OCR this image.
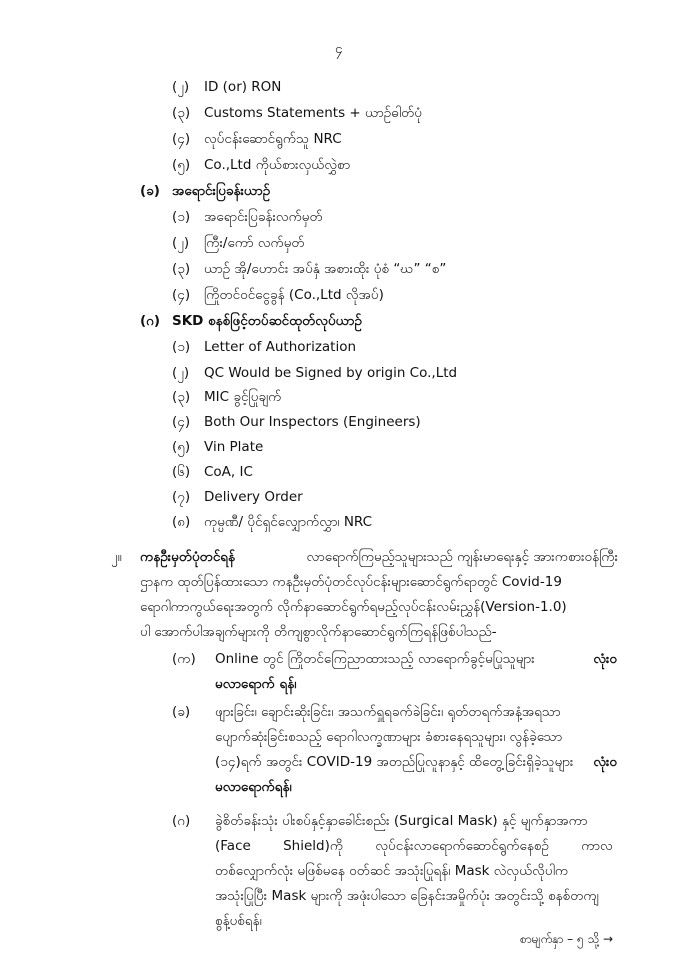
၄
(၂) ID (or) RON
(၃) Customs Statements + ယာဉ်ဓါတ်ပုံ
(၄) လုပ်ငန်းဆောင်ရွက်သူ NRC
(၅) Co.,Ltd ကိုယ်စားလှယ်လွှဲစာ
(ခ) အရောင်းပြခန်းယာဉ်
(၁) အရောင်းပြခန်းလက်မှတ်
(၂) ကြီး/ကော် လက်မှတ်
(၃) ယာဉ် အို/ဟောင်း အပ်နှံ အစားထိုး ပုံစံ “ဃ” “စ”
(၄) ကြိုတင်ဝင်ငွေခွန် (Co.,Ltd လိုအပ်)
(ဂ) SKD စနစ်ဖြင့်တပ်ဆင်ထုတ်လုပ်ယာဉ်
(၁) Letter of Authorization
(၂) QC Would be Signed by origin Co.,Ltd
(၃) MIC ခွင့်ပြုချက်
(၄) Both Our Inspectors (Engineers)
(၅) Vin Plate
(၆) CoA, IC
(၇) Delivery Order
(၈) ကုမ္ပဏီ/ ပိုင်ရှင်လျှောက်လွှာ၊ NRC
၂။ ကနဦးမှတ်ပုံတင်ရန်	လာရောက်ကြမည့်သူများသည် ကျန်းမာရေးနှင့် အားကစားဝန်ကြီး
ဌာနက ထုတ်ပြန်ထားသော ကနဦးမှတ်ပုံတင်လုပ်ငန်းများဆောင်ရွက်ရာတွင် Covid-19
ရောဂါကာကွယ်ရေးအတွက် လိုက်နာဆောင်ရွက်ရမည့်လုပ်ငန်းလမ်းညွှန်(Version-1.0)
ပါ အောက်ပါအချက်များကို တိကျစွာလိုက်နာဆောင်ရွက်ကြရန်ဖြစ်ပါသည်-
(က) Online တွင် ကြိုတင်ကြေညာထားသည့် လာရောက်ခွင့်မပြုသူများ	လုံးဝ
မလာရောက် ရန်၊
(ခ) ဖျားခြင်း၊ ချောင်းဆိုးခြင်း၊ အသက်ရှူရခက်ခဲခြင်း၊ ရုတ်တရက်အနံ့အရသာ
ပျောက်ဆုံးခြင်းစသည့် ရောဂါလက္ခဏာများ ခံစားနေရသူများ၊ လွန်ခဲ့သော
(၁၄)ရက် အတွင်း COVID-19 အတည်ပြုလူနာနှင့် ထိတွေ့ခြင်းရှိခဲ့သူများ လုံးဝ
မလာရောက်ရန်၊
(ဂ) ခွဲစိတ်ခန်းသုံး ပါးစပ်နှင့်နှာခေါင်းစည်း (Surgical Mask) နှင့် မျက်နှာအကာ
(Face Shield)ကို လုပ်ငန်းလာရောက်ဆောင်ရွက်နေစဉ် ကာလ
တစ်လျှောက်လုံး မဖြစ်မနေ ဝတ်ဆင် အသုံးပြုရန်၊ Mask လဲလှယ်လိုပါက
အသုံးပြုပြီး Mask များကို အဖုံးပါသော ခြေနင်းအမှိုက်ပုံး အတွင်းသို့ စနစ်တကျ
စွန့်ပစ်ရန်၊
စာမျက်နှာ – ၅ သို့ →
